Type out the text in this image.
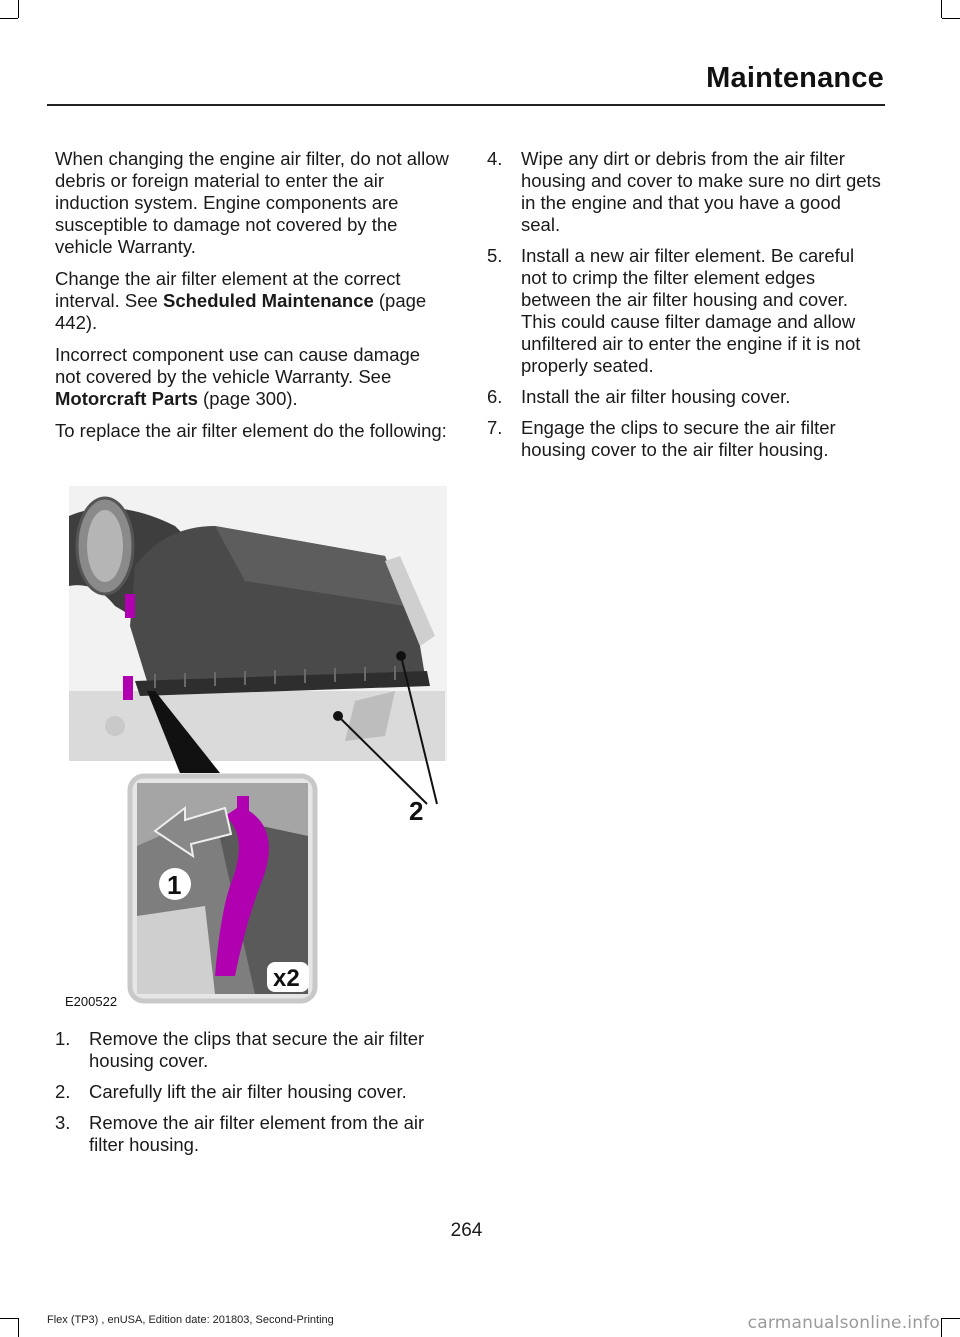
Maintenance

When changing the engine air filter, do not allow debris or foreign material to enter the air induction system. Engine components are susceptible to damage not covered by the vehicle Warranty.

Change the air filter element at the correct interval. See Scheduled Maintenance (page 442).

Incorrect component use can cause damage not covered by the vehicle Warranty. See Motorcraft Parts (page 300).

To replace the air filter element do the following:

2
1
x2
E200522
1.	Remove the clips that secure the air filter housing cover.
2.	Carefully lift the air filter housing cover.
3.	Remove the air filter element from the air filter housing.
4.	Wipe any dirt or debris from the air filter housing and cover to make sure no dirt gets in the engine and that you have a good seal.
5.	Install a new air filter element. Be careful not to crimp the filter element edges between the air filter housing and cover. This could cause filter damage and allow unfiltered air to enter the engine if it is not properly seated.
6.	Install the air filter housing cover.
7.	Engage the clips to secure the air filter housing cover to the air filter housing.
264
Flex (TP3) , enUSA, Edition date: 201803, Second-Printing	carmanualsonline.info
